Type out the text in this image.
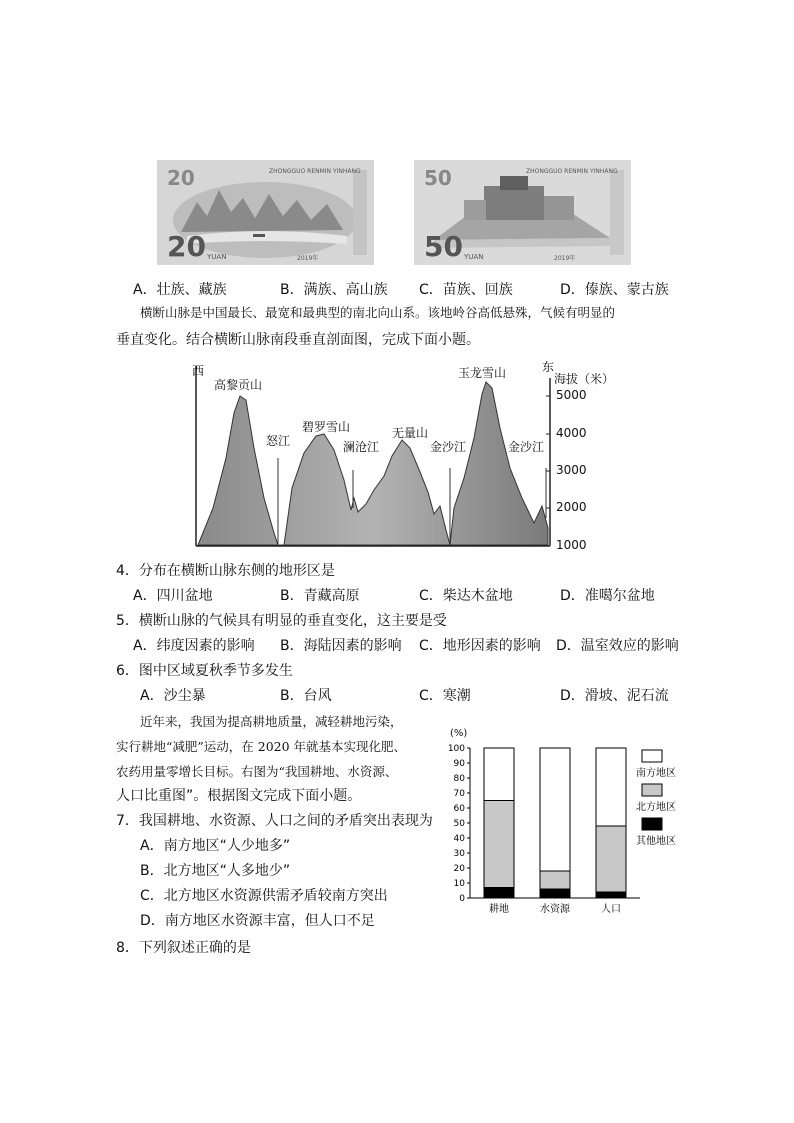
20	ZHONGGUO RENMIN YINHANG
20 YUAN	2019年
50	ZHONGGUO RENMIN YINHANG
50 YUAN	2019年
A．壮族、藏族	B．满族、高山族 C．苗族、回族	D．傣族、蒙古族
横断山脉是中国最长、最宽和最典型的南北向山系。该地岭谷高低悬殊，气候有明显的
垂直变化。结合横断山脉南段垂直剖面图，完成下面小题。
西	东
海拔（米）
5000
4000
3000
2000
1000
高黎贡山
怒江
碧罗雪山
澜沧江
无量山
金沙江
玉龙雪山
金沙江
4．分布在横断山脉东侧的地形区是
A．四川盆地	B．青藏高原	C．柴达木盆地	D．准噶尔盆地
5．横断山脉的气候具有明显的垂直变化，这主要是受
A．纬度因素的影响 B．海陆因素的影响 C．地形因素的影响 D．温室效应的影响
6．图中区域夏秋季节多发生
A．沙尘暴	B．台风	C．寒潮	D．滑坡、泥石流
近年来，我国为提高耕地质量，减轻耕地污染，
实行耕地“减肥”运动，在 2020 年就基本实现化肥、
农药用量零增长目标。右图为“我国耕地、水资源、
人口比重图”。根据图文完成下面小题。
7．我国耕地、水资源、人口之间的矛盾突出表现为
A．南方地区“人少地多”
B．北方地区“人多地少”
C．北方地区水资源供需矛盾较南方突出
D．南方地区水资源丰富，但人口不足
8．下列叙述正确的是
100
90
80
70
60
50
40
30
20
10
0
耕地	水资源	人口
南方地区
北方地区
其他地区
(%)
